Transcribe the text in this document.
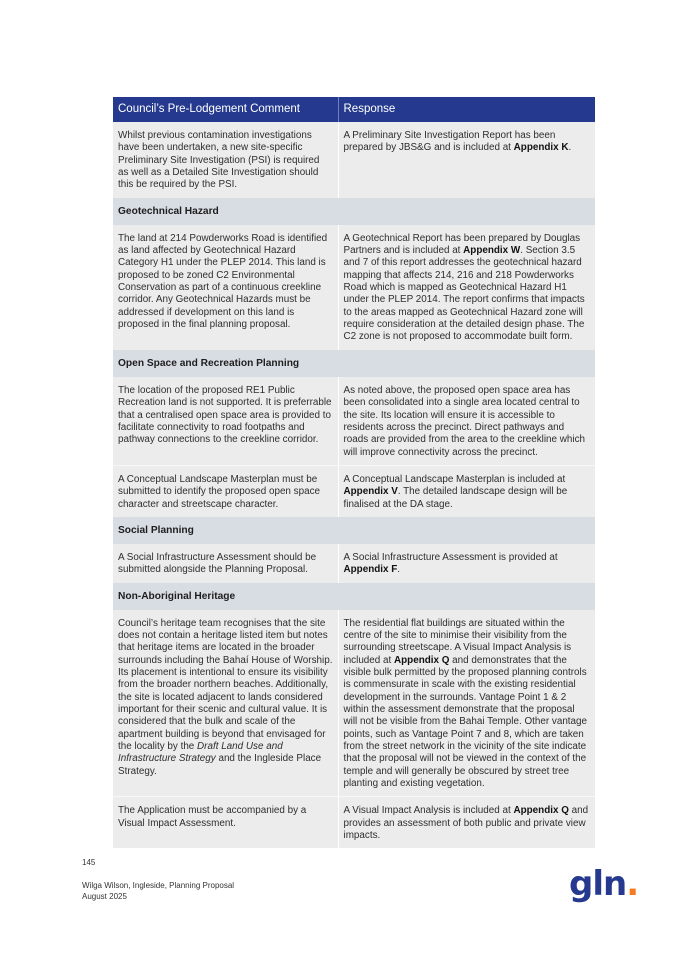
Council’s Pre-Lodgement Comment	Response
Whilst previous contamination investigations have been undertaken, a new site-specific Preliminary Site Investigation (PSI) is required as well as a Detailed Site Investigation should this be required by the PSI.	A Preliminary Site Investigation Report has been prepared by JBS&G and is included at Appendix K.
Geotechnical Hazard	
The land at 214 Powderworks Road is identified as land affected by Geotechnical Hazard Category H1 under the PLEP 2014. This land is proposed to be zoned C2 Environmental Conservation as part of a continuous creekline corridor. Any Geotechnical Hazards must be addressed if development on this land is proposed in the final planning proposal.	A Geotechnical Report has been prepared by Douglas Partners and is included at Appendix W. Section 3.5 and 7 of this report addresses the geotechnical hazard mapping that affects 214, 216 and 218 Powderworks Road which is mapped as Geotechnical Hazard H1 under the PLEP 2014. The report confirms that impacts to the areas mapped as Geotechnical Hazard zone will require consideration at the detailed design phase. The C2 zone is not proposed to accommodate built form.
Open Space and Recreation Planning	
The location of the proposed RE1 Public Recreation land is not supported. It is preferrable that a centralised open space area is provided to facilitate connectivity to road footpaths and pathway connections to the creekline corridor.	As noted above, the proposed open space area has been consolidated into a single area located central to the site. Its location will ensure it is accessible to residents across the precinct. Direct pathways and roads are provided from the area to the creekline which will improve connectivity across the precinct.
A Conceptual Landscape Masterplan must be submitted to identify the proposed open space character and streetscape character.	A Conceptual Landscape Masterplan is included at Appendix V. The detailed landscape design will be finalised at the DA stage.
Social Planning	
A Social Infrastructure Assessment should be submitted alongside the Planning Proposal.	A Social Infrastructure Assessment is provided at Appendix F.
Non-Aboriginal Heritage	
Council’s heritage team recognises that the site does not contain a heritage listed item but notes that heritage items are located in the broader surrounds including the Bahaí House of Worship. Its placement is intentional to ensure its visibility from the broader northern beaches. Additionally, the site is located adjacent to lands considered important for their scenic and cultural value. It is considered that the bulk and scale of the apartment building is beyond that envisaged for the locality by the Draft Land Use and Infrastructure Strategy and the Ingleside Place Strategy.	The residential flat buildings are situated within the centre of the site to minimise their visibility from the surrounding streetscape. A Visual Impact Analysis is included at Appendix Q and demonstrates that the visible bulk permitted by the proposed planning controls is commensurate in scale with the existing residential development in the surrounds. Vantage Point 1 & 2 within the assessment demonstrate that the proposal will not be visible from the Bahai Temple. Other vantage points, such as Vantage Point 7 and 8, which are taken from the street network in the vicinity of the site indicate that the proposal will not be viewed in the context of the temple and will generally be obscured by street tree planting and existing vegetation.
The Application must be accompanied by a Visual Impact Assessment.	A Visual Impact Analysis is included at Appendix Q and provides an assessment of both public and private view impacts.
145
Wilga Wilson, Ingleside, Planning Proposal
August 2025	gln.
